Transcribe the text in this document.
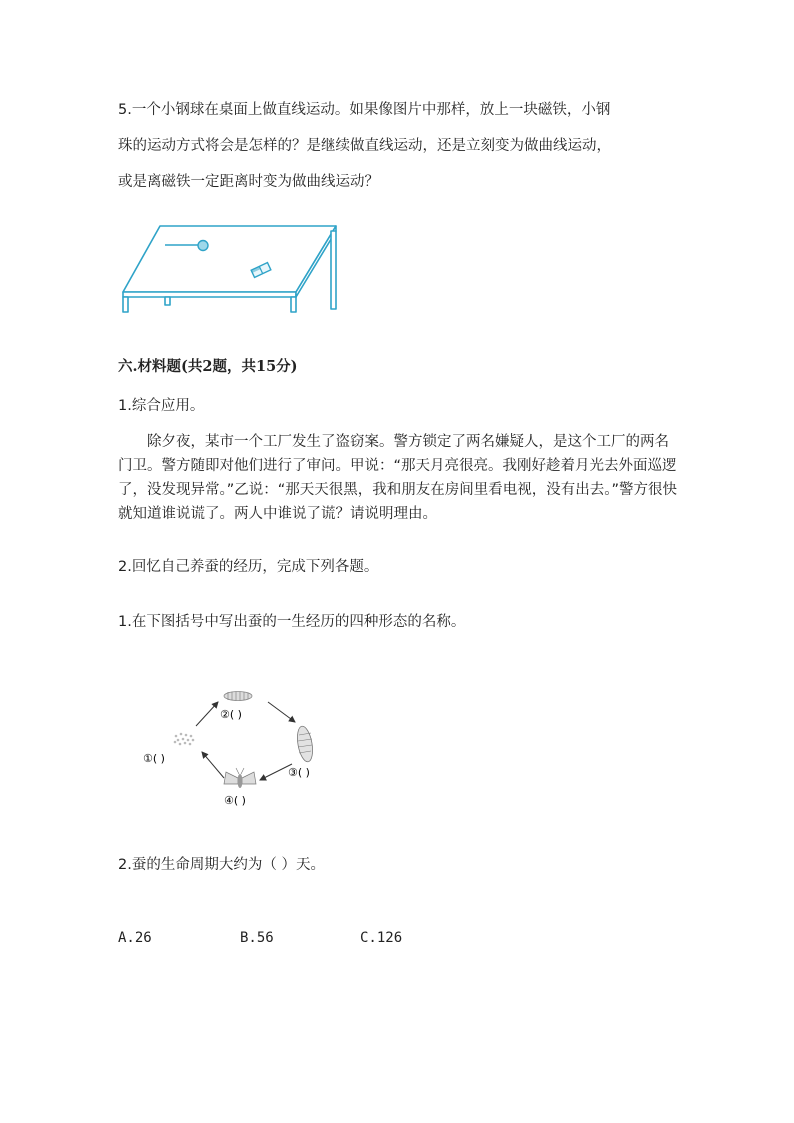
5.一个小钢球在桌面上做直线运动。如果像图片中那样，放上一块磁铁，小钢
珠的运动方式将会是怎样的？是继续做直线运动，还是立刻变为做曲线运动，
或是离磁铁一定距离时变为做曲线运动？
六.材料题(共2题，共15分)
1.综合应用。
除夕夜，某市一个工厂发生了盗窃案。警方锁定了两名嫌疑人，是这个工厂的两名门卫。警方随即对他们进行了审问。甲说：“那天月亮很亮。我刚好趁着月光去外面巡逻了，没发现异常。”乙说：“那天天很黑，我和朋友在房间里看电视，没有出去。”警方很快就知道谁说谎了。两人中谁说了谎？请说明理由。
2.回忆自己养蚕的经历，完成下列各题。
1.在下图括号中写出蚕的一生经历的四种形态的名称。
②( )
①( )
③( )
④( )
2.蚕的生命周期大约为（ ）天。
A.26	B.56	C.126
